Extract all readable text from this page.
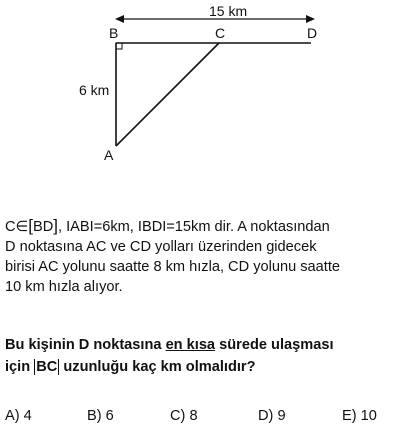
15 km
B	C	D
A
6 km

C∈[BD], IABI=6km, IBDI=15km dir. A noktasından

D noktasına AC ve CD yolları üzerinden gidecek

birisi AC yolunu saatte 8 km hızla, CD yolunu saatte

10 km hızla alıyor.

Bu kişinin D noktasına en kısa sürede ulaşması

için BC uzunluğu kaç km olmalıdır?

A) 4	B) 6	C) 8	D) 9	E) 10
